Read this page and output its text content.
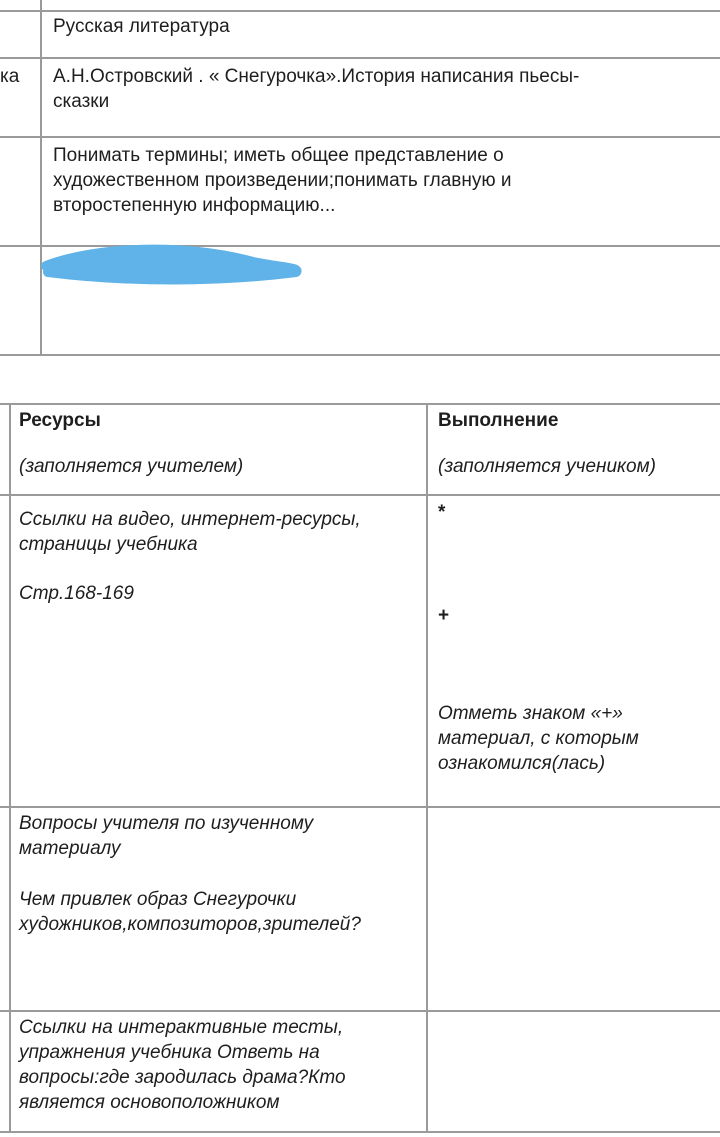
Русская литература
ка А.Н.Островский . « Снегурочка».История написания пьесы-
сказки
Понимать термины; иметь общее представление о
художественном произведении;понимать главную и
второстепенную информацию...
Ресурсы
(заполняется учителем)
Выполнение
(заполняется учеником)
Ссылки на видео, интернет-ресурсы,
страницы учебника
Стр.168-169
*
+
Отметь знаком «+»
материал, с которым
ознакомился(лась)
Вопросы учителя по изученному
материалу
Чем привлек образ Снегурочки
художников,композиторов,зрителей?
Ссылки на интерактивные тесты,
упражнения учебника Ответь на
вопросы:где зародилась драма?Кто
является основоположником
